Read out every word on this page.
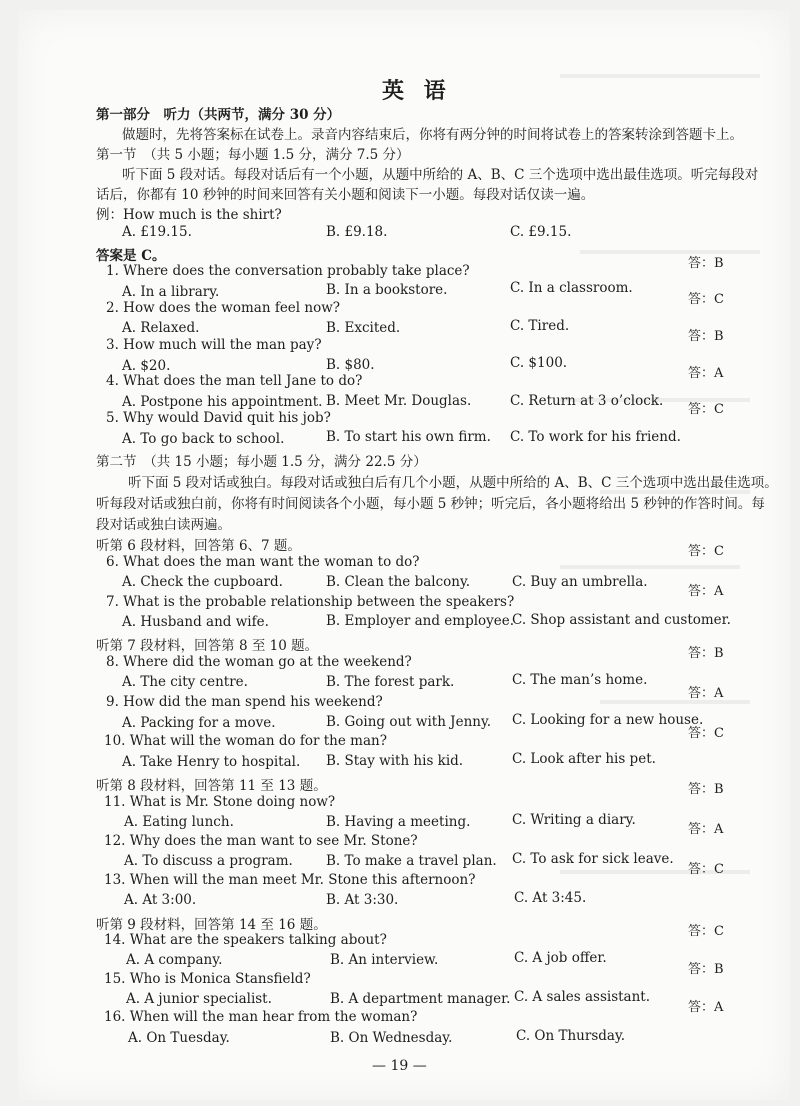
英 语
第一部分　听力（共两节，满分 30 分）
做题时，先将答案标在试卷上。录音内容结束后，你将有两分钟的时间将试卷上的答案转涂到答题卡上。
第一节　（共 5 小题；每小题 1.5 分，满分 7.5 分）
听下面 5 段对话。每段对话后有一个小题，从题中所给的 A、B、C 三个选项中选出最佳选项。听完每段对
话后，你都有 10 秒钟的时间来回答有关小题和阅读下一小题。每段对话仅读一遍。
例：How much is the shirt?
A. £19.15.	B. £9.18.	C. £9.15.
答案是 C。	答：B
1. Where does the conversation probably take place?
A. In a library.	B. In a bookstore.	C. In a classroom.
答：C
2. How does the woman feel now?
A. Relaxed.	B. Excited.	C. Tired.
答：B
3. How much will the man pay?
A. $20.	B. $80.	C. $100.
答：A
4. What does the man tell Jane to do?
A. Postpone his appointment. B. Meet Mr. Douglas.	C. Return at 3 o’clock.
答：C
5. Why would David quit his job?
A. To go back to school.	B. To start his own firm. C. To work for his friend.
第二节　（共 15 小题；每小题 1.5 分，满分 22.5 分）
听下面 5 段对话或独白。每段对话或独白后有几个小题，从题中所给的 A、B、C 三个选项中选出最佳选项。
听每段对话或独白前，你将有时间阅读各个小题，每小题 5 秒钟；听完后，各小题将给出 5 秒钟的作答时间。每
段对话或独白读两遍。
听第 6 段材料，回答第 6、7 题。	答：C
6. What does the man want the woman to do?
A. Check the cupboard.	B. Clean the balcony.	C. Buy an umbrella.
答：A
7. What is the probable relationship between the speakers?
A. Husband and wife.	B. Employer and employee.
C. Shop assistant and customer.
听第 7 段材料，回答第 8 至 10 题。	答：B
8. Where did the woman go at the weekend?
A. The city centre.	B. The forest park.	C. The man’s home.
答：A
9. How did the man spend his weekend?
A. Packing for a move.	B. Going out with Jenny. C. Looking for a new house.
答：C
10. What will the woman do for the man?
A. Take Henry to hospital. B. Stay with his kid.	C. Look after his pet.
听第 8 段材料，回答第 11 至 13 题。	答：B
11. What is Mr. Stone doing now?
A. Eating lunch.	B. Having a meeting.	C. Writing a diary.
答：A
12. Why does the man want to see Mr. Stone?
A. To discuss a program. B. To make a travel plan. C. To ask for sick leave.
答：C
13. When will the man meet Mr. Stone this afternoon?
A. At 3:00.	B. At 3:30.	C. At 3:45.
听第 9 段材料，回答第 14 至 16 题。	答：C
14. What are the speakers talking about?
A. A company.	B. An interview.	C. A job offer.
答：B
15. Who is Monica Stansfield?
A. A junior specialist.	B. A department manager. C. A sales assistant.
答：A
16. When will the man hear from the woman?
A. On Tuesday.	B. On Wednesday.	C. On Thursday.
— 19 —
